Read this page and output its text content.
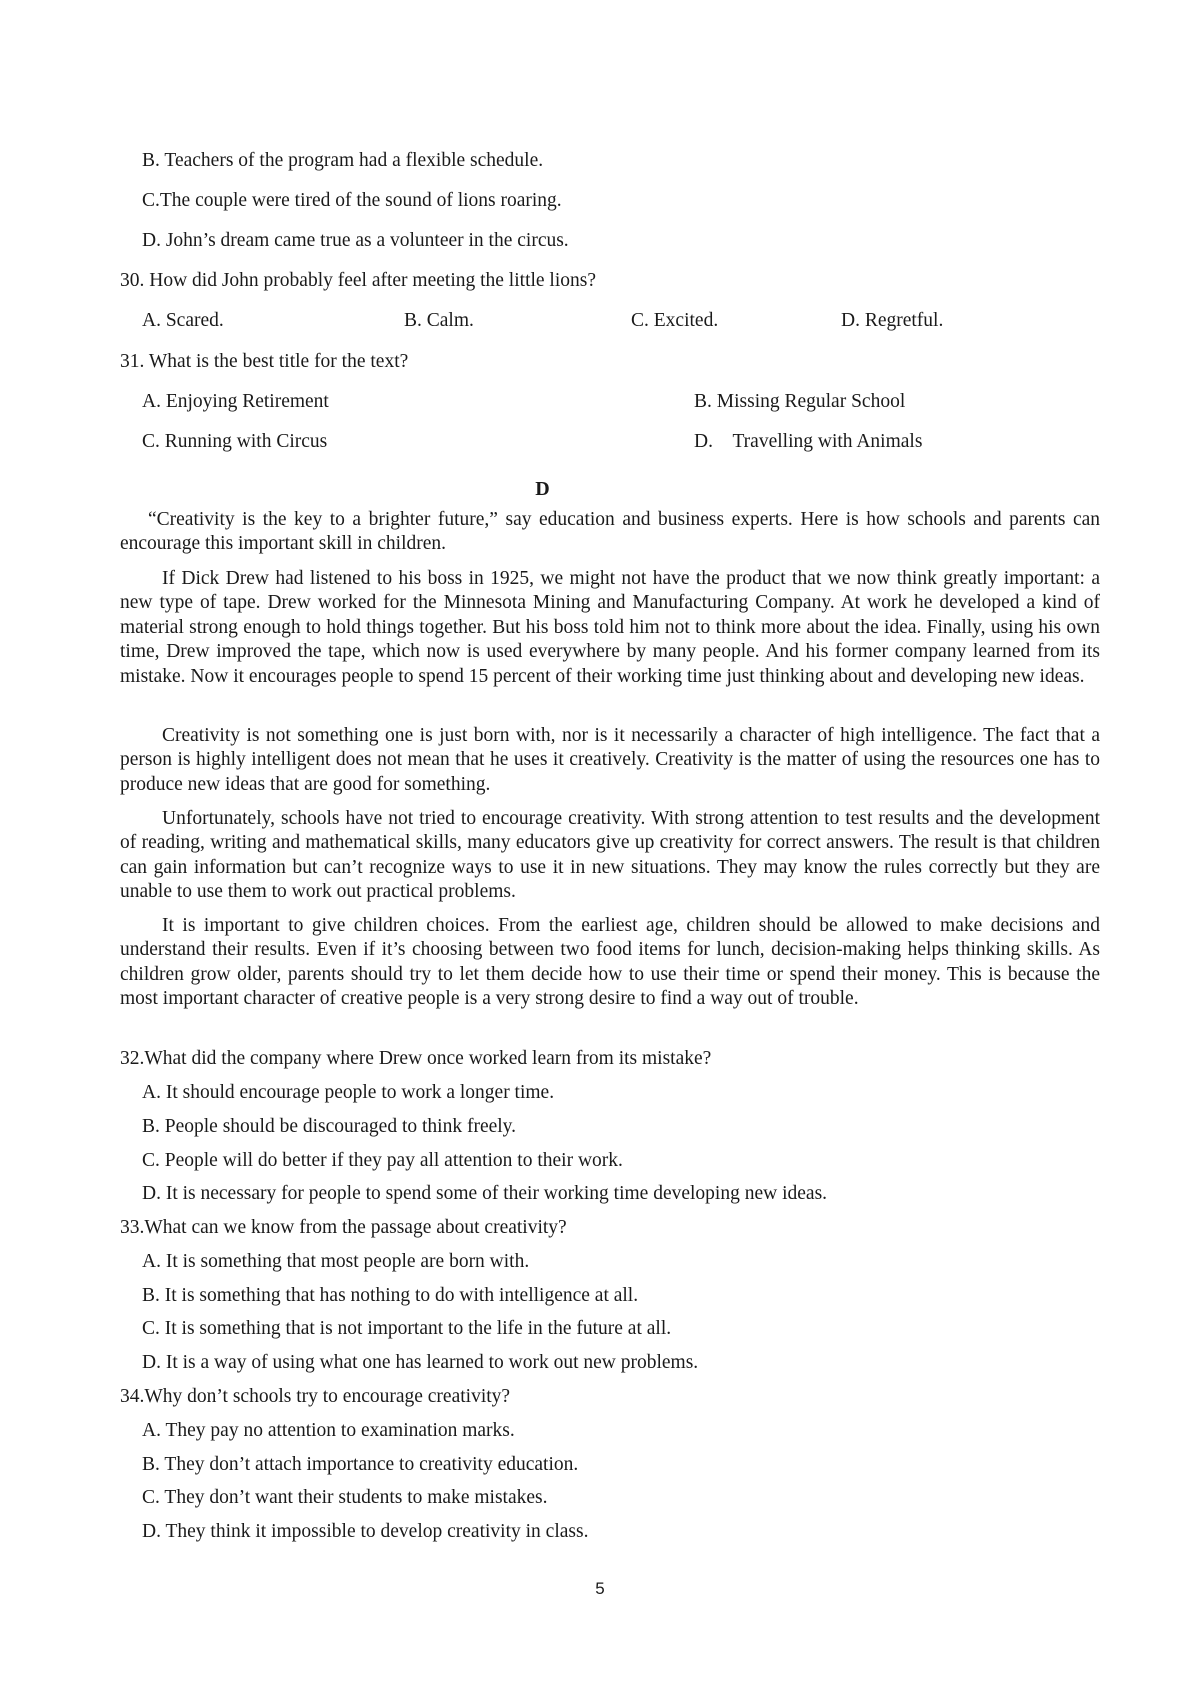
B. Teachers of the program had a flexible schedule.
C.The couple were tired of the sound of lions roaring.
D. John’s dream came true as a volunteer in the circus.
30. How did John probably feel after meeting the little lions?
A. Scared.	B. Calm.	C. Excited.	D. Regretful.
31. What is the best title for the text?
A. Enjoying Retirement	B. Missing Regular School
C. Running with Circus	D.    Travelling with Animals
D
“Creativity is the key to a brighter future,” say education and business experts. Here is how schools and parents can encourage this important skill in children.
If Dick Drew had listened to his boss in 1925, we might not have the product that we now think greatly important: a new type of tape. Drew worked for the Minnesota Mining and Manufacturing Company. At work he developed a kind of material strong enough to hold things together. But his boss told him not to think more about the idea. Finally, using his own time, Drew improved the tape, which now is used everywhere by many people. And his former company learned from its mistake. Now it encourages people to spend 15 percent of their working time just thinking about and developing new ideas.
Creativity is not something one is just born with, nor is it necessarily a character of high intelligence. The fact that a person is highly intelligent does not mean that he uses it creatively. Creativity is the matter of using the resources one has to produce new ideas that are good for something.
Unfortunately, schools have not tried to encourage creativity. With strong attention to test results and the development of reading, writing and mathematical skills, many educators give up creativity for correct answers. The result is that children can gain information but can’t recognize ways to use it in new situations. They may know the rules correctly but they are unable to use them to work out practical problems.
It is important to give children choices. From the earliest age, children should be allowed to make decisions and understand their results. Even if it’s choosing between two food items for lunch, decision-making helps thinking skills. As children grow older, parents should try to let them decide how to use their time or spend their money. This is because the most important character of creative people is a very strong desire to find a way out of trouble.
32.What did the company where Drew once worked learn from its mistake?
A. It should encourage people to work a longer time.
B. People should be discouraged to think freely.
C. People will do better if they pay all attention to their work.
D. It is necessary for people to spend some of their working time developing new ideas.
33.What can we know from the passage about creativity?
A. It is something that most people are born with.
B. It is something that has nothing to do with intelligence at all.
C. It is something that is not important to the life in the future at all.
D. It is a way of using what one has learned to work out new problems.
34.Why don’t schools try to encourage creativity?
A. They pay no attention to examination marks.
B. They don’t attach importance to creativity education.
C. They don’t want their students to make mistakes.
D. They think it impossible to develop creativity in class.
5
